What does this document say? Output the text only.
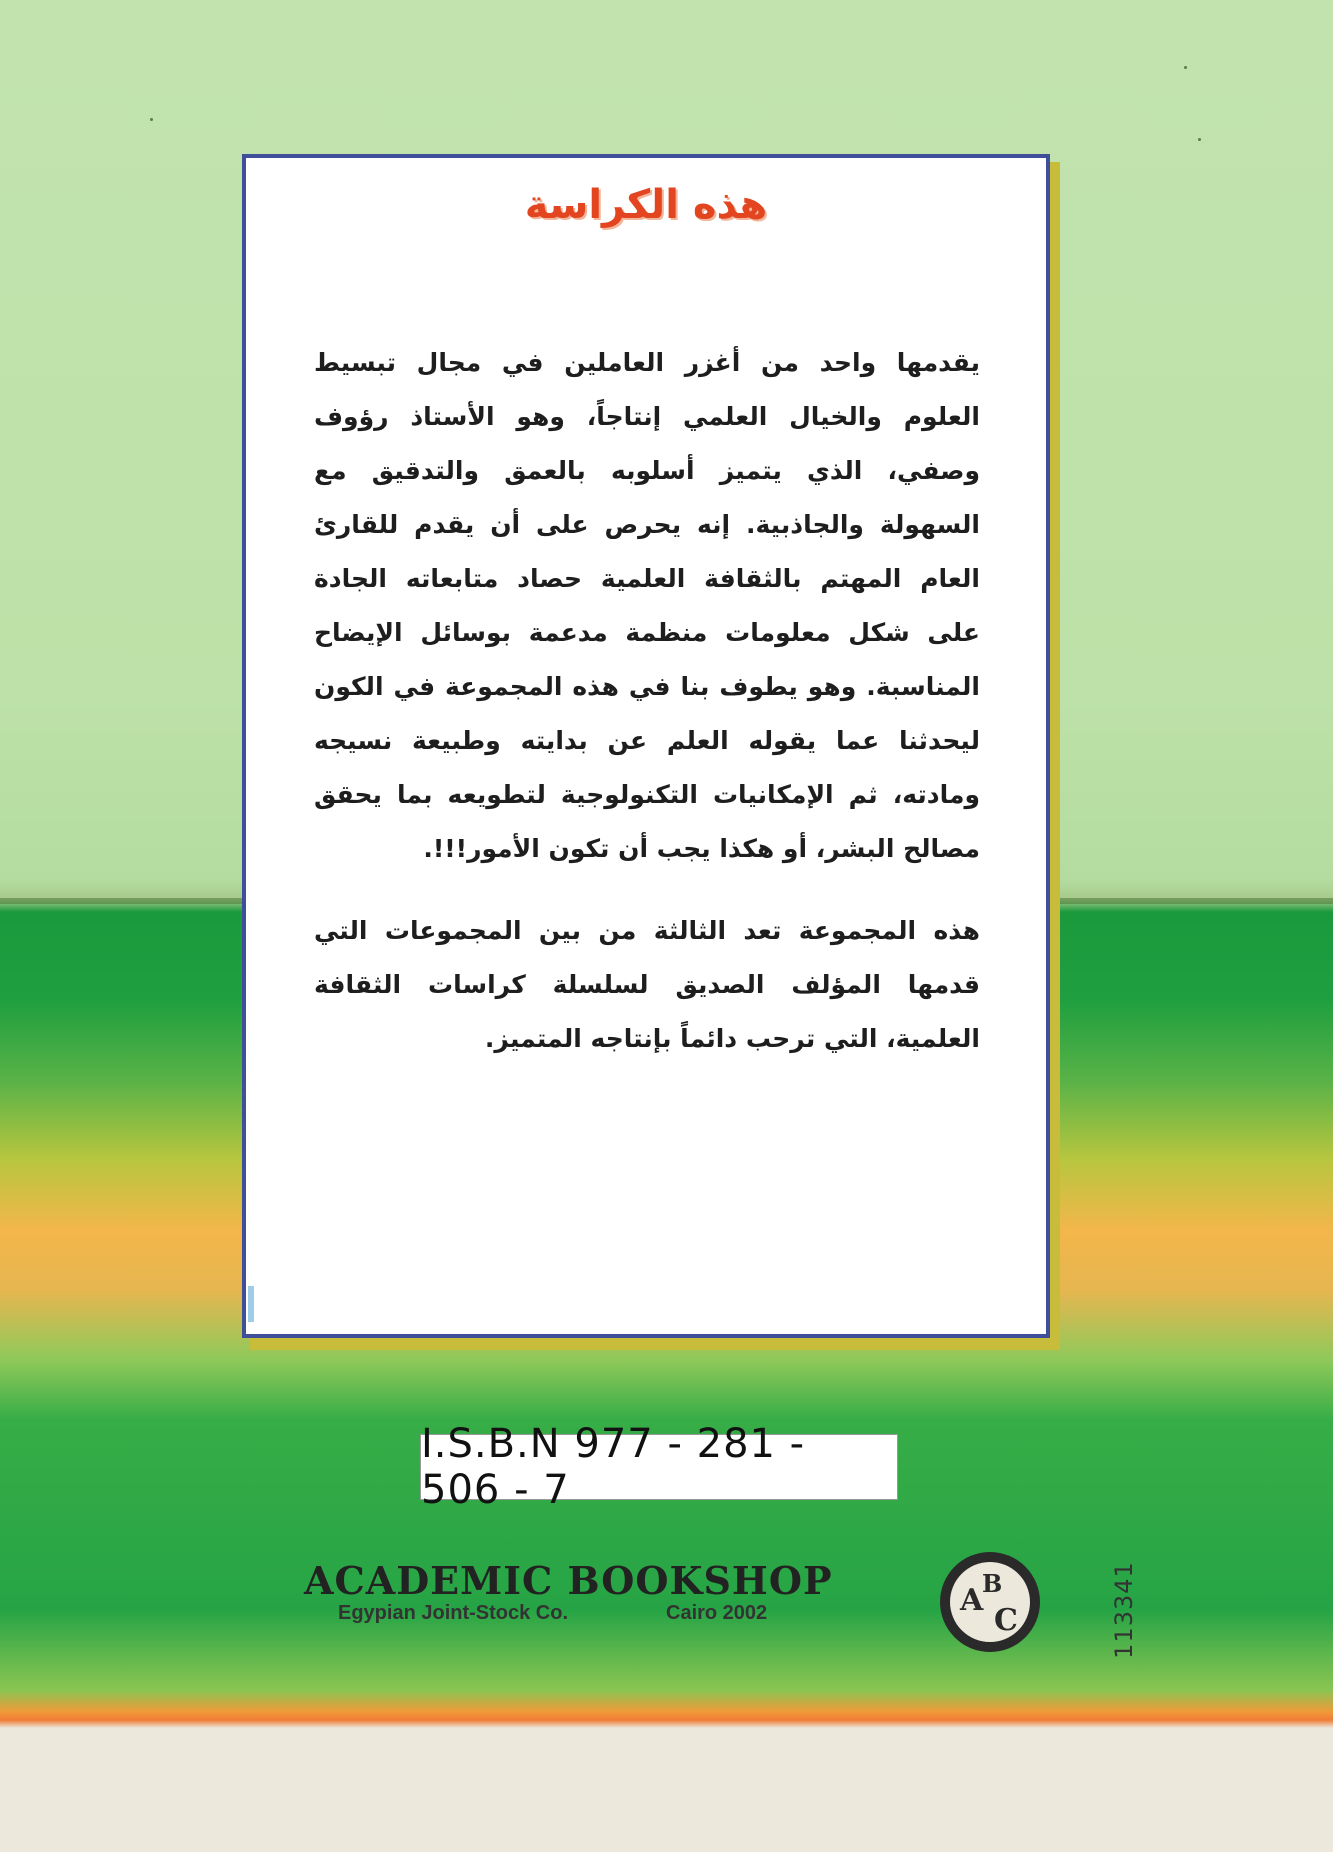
هذه الكراسة

يقدمها واحد من أغزر العاملين في مجال تبسيط العلوم والخيال العلمي إنتاجاً، وهو الأستاذ رؤوف وصفي، الذي يتميز أسلوبه بالعمق والتدقيق مع السهولة والجاذبية. إنه يحرص على أن يقدم للقارئ العام المهتم بالثقافة العلمية حصاد متابعاته الجادة على شكل معلومات منظمة مدعمة بوسائل الإيضاح المناسبة. وهو يطوف بنا في هذه المجموعة في الكون ليحدثنا عما يقوله العلم عن بدايته وطبيعة نسيجه ومادته، ثم الإمكانيات التكنولوجية لتطويعه بما يحقق مصالح البشر، أو هكذا يجب أن تكون الأمور!!!.

هذه المجموعة تعد الثالثة من بين المجموعات التي قدمها المؤلف الصديق لسلسلة كراسات الثقافة العلمية، التي ترحب دائماً بإنتاجه المتميز.

I.S.B.N 977 - 281 - 506 - 7
ACADEMIC BOOKSHOP
Egypian Joint-Stock Co.	Cairo 2002	A
B
C	113341
